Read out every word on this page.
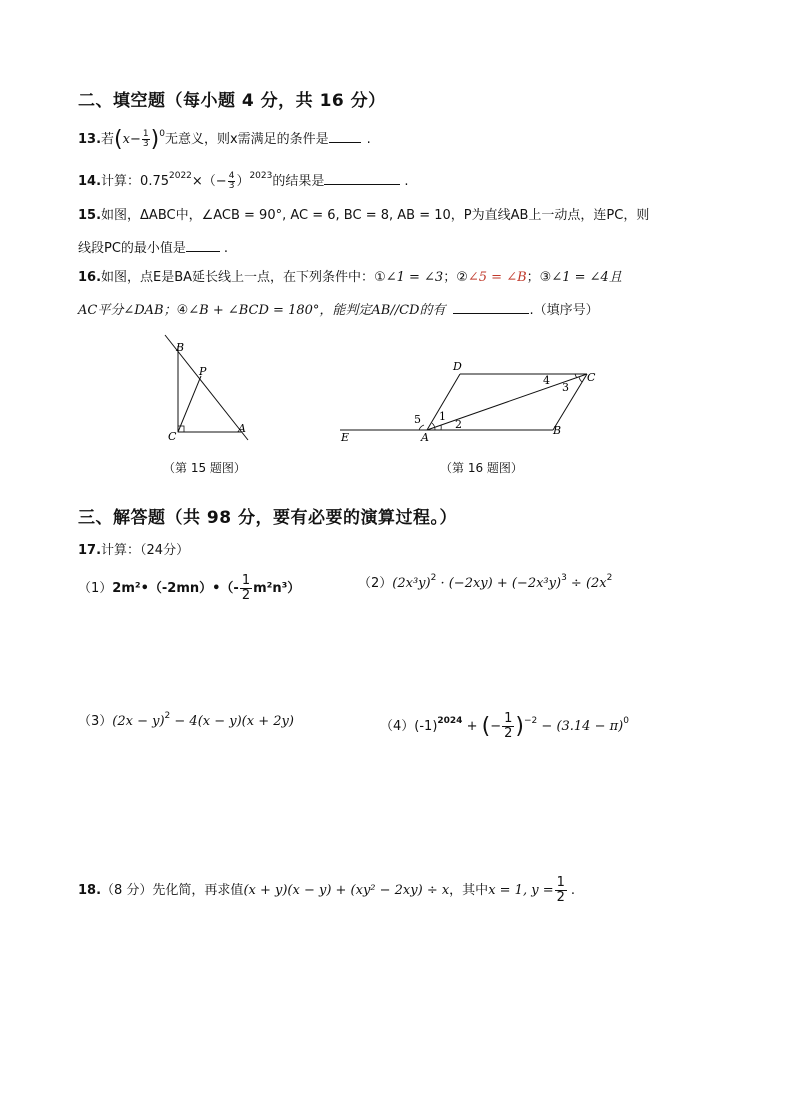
二、填空题（每小题 4 分，共 16 分）
13.若$(x- \frac{1}{3} )^0$无意义，则x需满足的条件是	.
14.计算：$0.75^{2022}\times(- \frac{4}{3} )^{2023}$的结果是	.
15.如图，ΔABC中，∠ACB = 90°, AC = 6, BC = 8, AB = 10，P为直线AB上一动点，连PC，则
线段PC的最小值是	.
16.如图，点E是BA延长线上一点，在下列条件中：①∠1 = ∠3；②∠5 = ∠B；③∠1 = ∠4且
AC平分∠DAB；④∠B + ∠BCD = 180°，能判定AB//CD的有	.（填序号）
B
P
C
A
（第 15 题图）
D
C
E	A
B
1
2
3
4
5
（第 16 题图）
三、解答题（共 98 分，要有必要的演算过程。）
17.计算：（24分）
（1）2m²•（-2mn）•（- $\frac{1}{2} m^2n^3$）	$(2)(2x^3y)^2 \cdot (-2xy) + (-2x^3y)^3 \div (2x^2$
$(3)(2x - y)^2 - 4(x - y)(x + 2y)$	$(4)(-1)^{2024}$ + (− $\frac{1}{2} )^{-2} - (3.14 - \pi)^0$
18.（8 分）先化简，再求值(x + y)(x − y) + (xy² − 2xy) ÷ x，其中x = 1, $y = \frac{1}{2}$ .
